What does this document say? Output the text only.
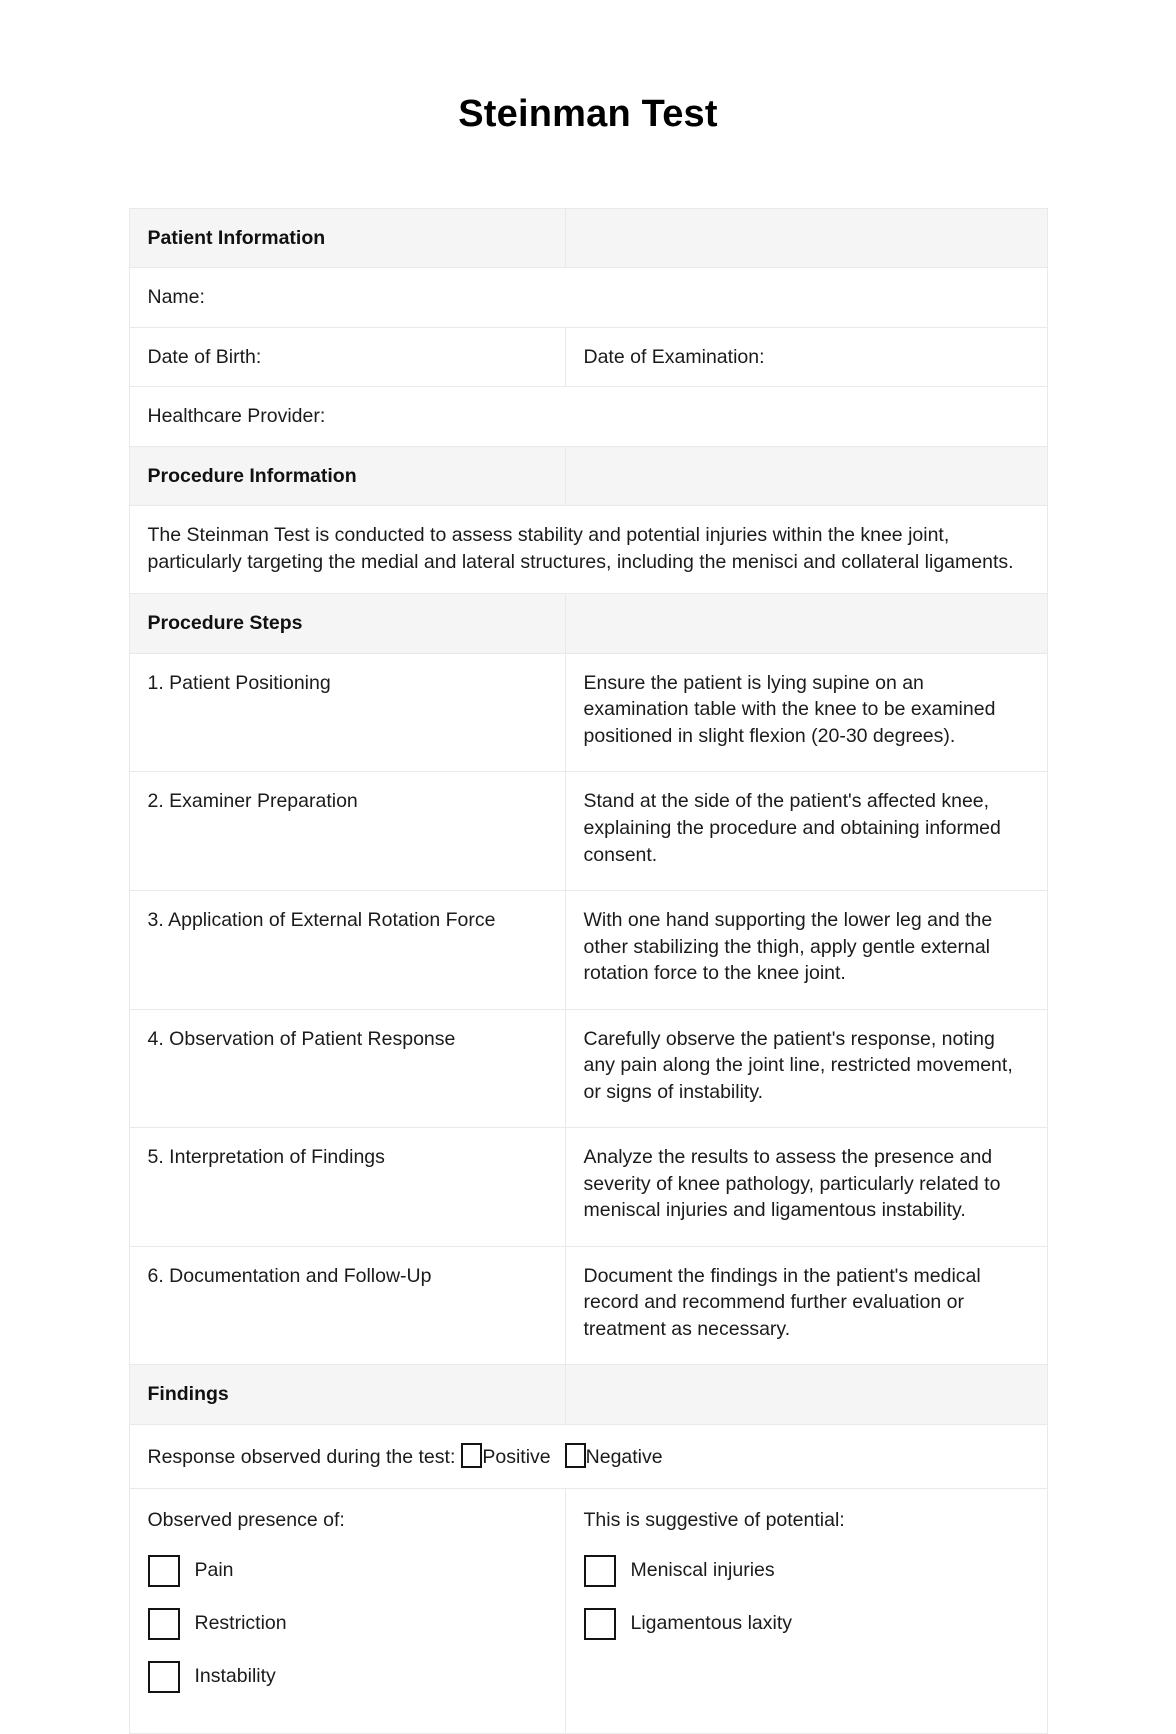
Steinman Test
Patient Information	
Name:	
Date of Birth:	Date of Examination:
Healthcare Provider:	
Procedure Information	
The Steinman Test is conducted to assess stability and potential injuries within the knee joint, particularly targeting the medial and lateral structures, including the menisci and collateral ligaments.	
Procedure Steps	
1. Patient Positioning	Ensure the patient is lying supine on an examination table with the knee to be examined positioned in slight flexion (20-30 degrees).
2. Examiner Preparation	Stand at the side of the patient's affected knee, explaining the procedure and obtaining informed consent.
3. Application of External Rotation Force	With one hand supporting the lower leg and the other stabilizing the thigh, apply gentle external rotation force to the knee joint.
4. Observation of Patient Response	Carefully observe the patient's response, noting any pain along the joint line, restricted movement, or signs of instability.
5. Interpretation of Findings	Analyze the results to assess the presence and severity of knee pathology, particularly related to meniscal injuries and ligamentous instability.
6. Documentation and Follow-Up	Document the findings in the patient's medical record and recommend further evaluation or treatment as necessary.
Findings	
Response observed during the test: Positive Negative	

Observed presence of:
Pain
Restriction
Instability

This is suggestive of potential:
Meniscal injuries
Ligamentous laxity
